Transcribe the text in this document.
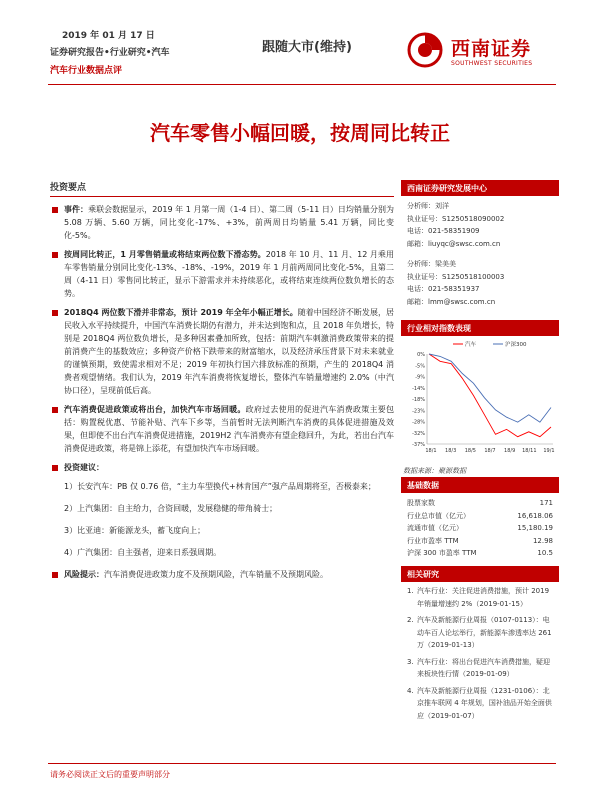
2019 年 01 月 17 日
证券研究报告•行业研究•汽车
汽车行业数据点评
跟随大市(维持)	西南证券
SOUTHWEST SECURITIES
汽车零售小幅回暖，按周同比转正
投资要点
事件：乘联会数据显示，2019 年 1 月第一周（1-4 日）、第二周（5-11 日）日均销量分别为 5.08 万辆、5.60 万辆，同比变化-17%、+3%，前两周日均销量 5.41 万辆，同比变化-5%。
按周同比转正，1 月零售销量或将结束两位数下滑态势。2018 年 10 月、11 月、12 月乘用车零售销量分别同比变化-13%、-18%、-19%，2019 年 1 月前两周同比变化-5%，且第二周（4-11 日）零售同比转正，显示下游需求并未持续恶化，或将结束连续两位数负增长的态势。
2018Q4 两位数下滑并非常态，预计 2019 年全年小幅正增长。随着中国经济不断发展，居民收入水平持续提升，中国汽车消费长期仍有潜力，并未达到饱和点，且 2018 年负增长，特别是 2018Q4 两位数负增长，是多种因素叠加所致，包括：前期汽车刺激消费政策带来的提前消费产生的基数效应；多种资产价格下跌带来的财富缩水，以及经济承压背景下对未来就业的谨慎预期，致使需求相对不足；2019 年初执行国六排放标准的预期，产生的 2018Q4 消费者观望情绪。我们认为，2019 年汽车消费将恢复增长，整体汽车销量增速约 2.0%（中汽协口径），呈现前低后高。
汽车消费促进政策或将出台，加快汽车市场回暖。政府过去使用的促进汽车消费政策主要包括：购置税优惠、节能补贴、汽车下乡等，当前暂时无法判断汽车消费的具体促进措施及效果，但即使不出台汽车消费促进措施，2019H2 汽车消费亦有望企稳回升，为此，若出台汽车消费促进政策，将是锦上添花，有望加快汽车市场回暖。
投资建议：
1）长安汽车：PB 仅 0.76 倍，“主力车型换代+林肯国产”强产品周期将至，否极泰来；
2）上汽集团：自主给力，合资回暖，发展稳健的带角骑士；
3）比亚迪：新能源龙头，蓄飞度向上；
4）广汽集团：自主强者，迎来日系强周期。
风险提示：汽车消费促进政策力度不及预期风险，汽车销量不及预期风险。
西南证券研究发展中心
分析师：刘洋
执业证号：S1250518090002
电话：021-58351909
邮箱：liuyqc@swsc.com.cn
分析师：梁美美
执业证号：S1250518100003
电话：021-58351937
邮箱：lmm@swsc.com.cn
行业相对指数表现
0%
-5%
-9%
-14%
-18%
-23%
-28%
-32%
-37%
18/1 18/3 18/5 18/7 18/9 18/11 19/1
汽车	沪深300
数据来源：聚源数据
基础数据
股票家数	171
行业总市值（亿元）	16,618.06
流通市值（亿元）	15,180.19
行业市盈率 TTM	12.98
沪深 300 市盈率 TTM	10.5
相关研究
1. 汽车行业：关注促进消费措施，预计 2019 年销量增速约 2%（2019-01-15）
2. 汽车及新能源行业周报（0107-0113）：电动车百人论坛举行，新能源车渗透率达 261 万（2019-01-13）
3. 汽车行业：将出台促进汽车消费措施，疑迎来板块性行情（2019-01-09）
4. 汽车及新能源行业周报（1231-0106）：北京推车联网 4 年规划，国补油品开始全面供应（2019-01-07）
请务必阅读正文后的重要声明部分
